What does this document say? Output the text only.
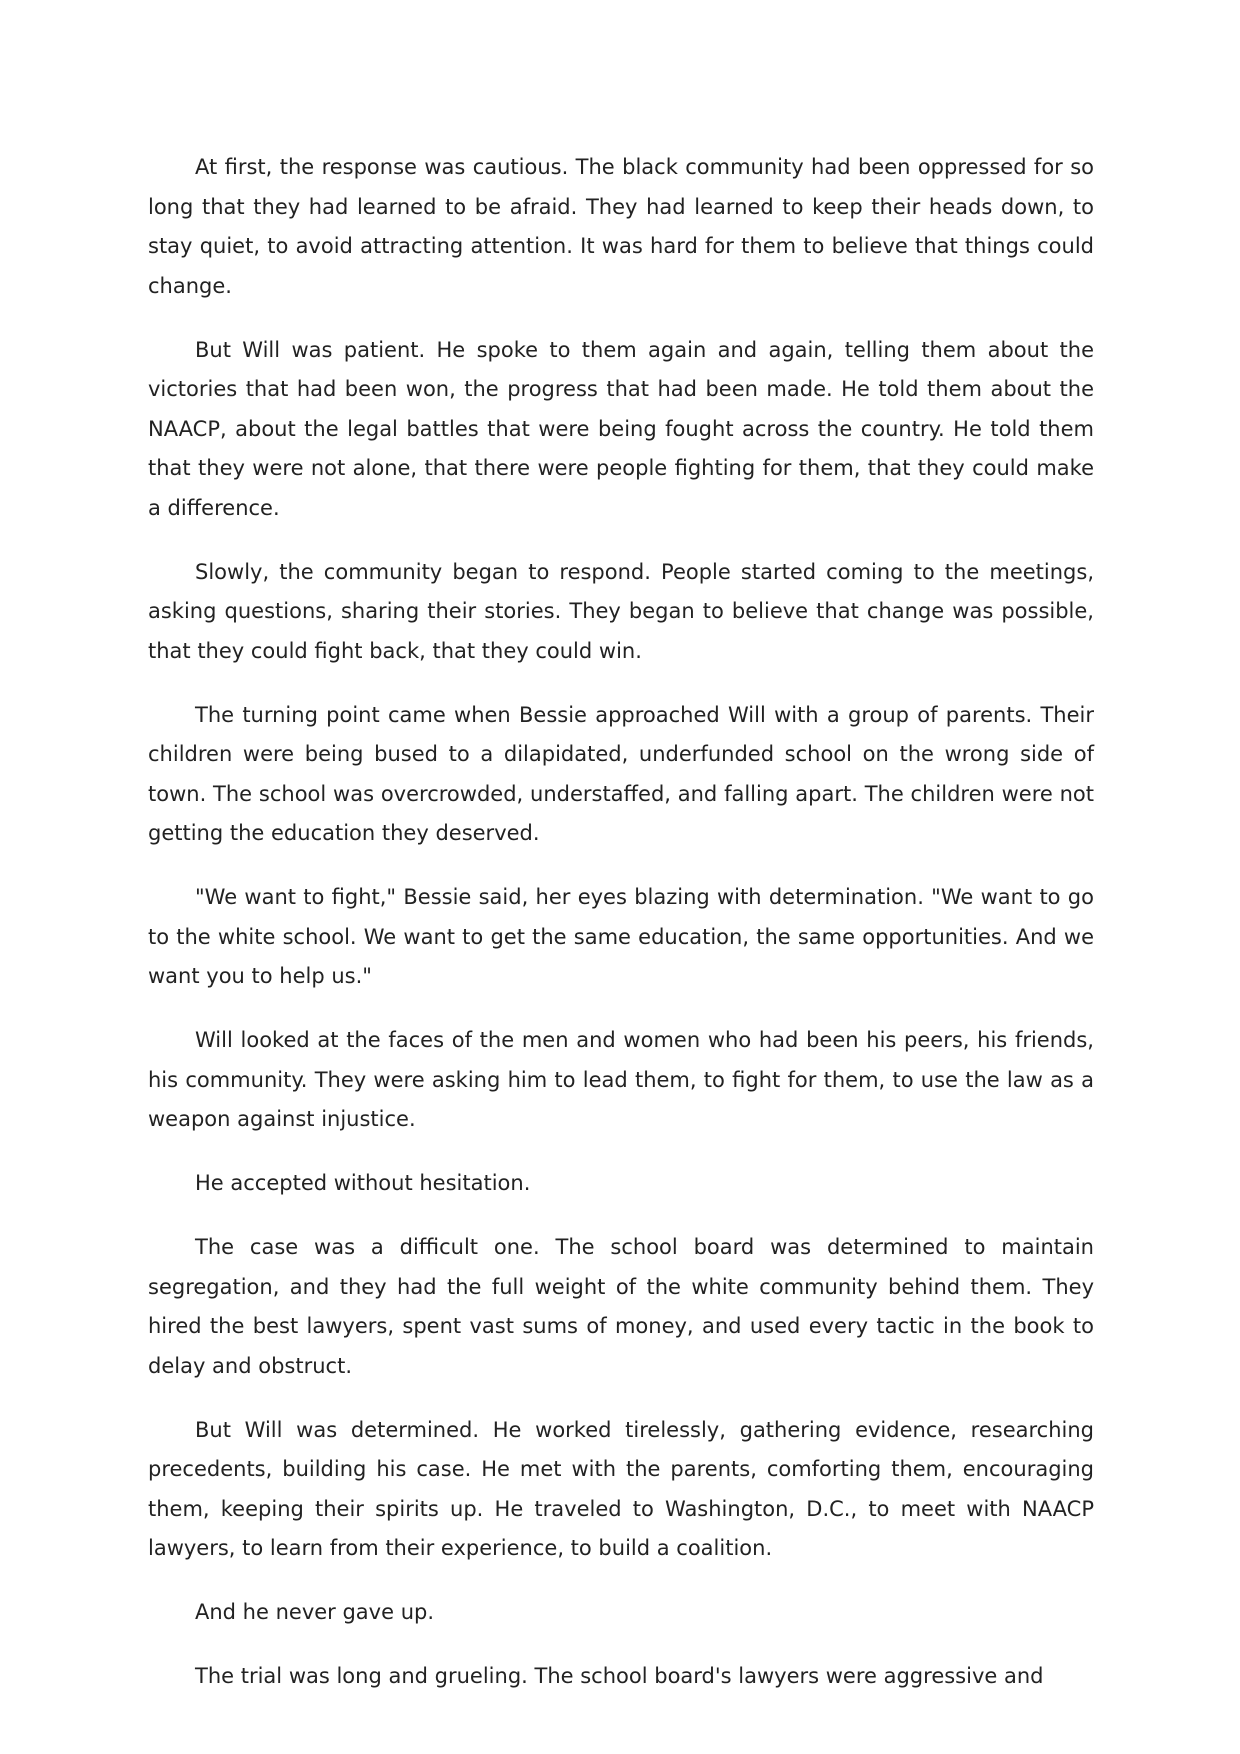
At first, the response was cautious. The black community had been oppressed for so long that they had learned to be afraid. They had learned to keep their heads down, to stay quiet, to avoid attracting attention. It was hard for them to believe that things could change.

But Will was patient. He spoke to them again and again, telling them about the victories that had been won, the progress that had been made. He told them about the NAACP, about the legal battles that were being fought across the country. He told them that they were not alone, that there were people fighting for them, that they could make a difference.

Slowly, the community began to respond. People started coming to the meetings, asking questions, sharing their stories. They began to believe that change was possible, that they could fight back, that they could win.

The turning point came when Bessie approached Will with a group of parents. Their children were being bused to a dilapidated, underfunded school on the wrong side of town. The school was overcrowded, understaffed, and falling apart. The children were not getting the education they deserved.

"We want to fight," Bessie said, her eyes blazing with determination. "We want to go to the white school. We want to get the same education, the same opportunities. And we want you to help us."

Will looked at the faces of the men and women who had been his peers, his friends, his community. They were asking him to lead them, to fight for them, to use the law as a weapon against injustice.

He accepted without hesitation.

The case was a difficult one. The school board was determined to maintain segregation, and they had the full weight of the white community behind them. They hired the best lawyers, spent vast sums of money, and used every tactic in the book to delay and obstruct.

But Will was determined. He worked tirelessly, gathering evidence, researching precedents, building his case. He met with the parents, comforting them, encouraging them, keeping their spirits up. He traveled to Washington, D.C., to meet with NAACP lawyers, to learn from their experience, to build a coalition.

And he never gave up.

The trial was long and grueling. The school board's lawyers were aggressive and
